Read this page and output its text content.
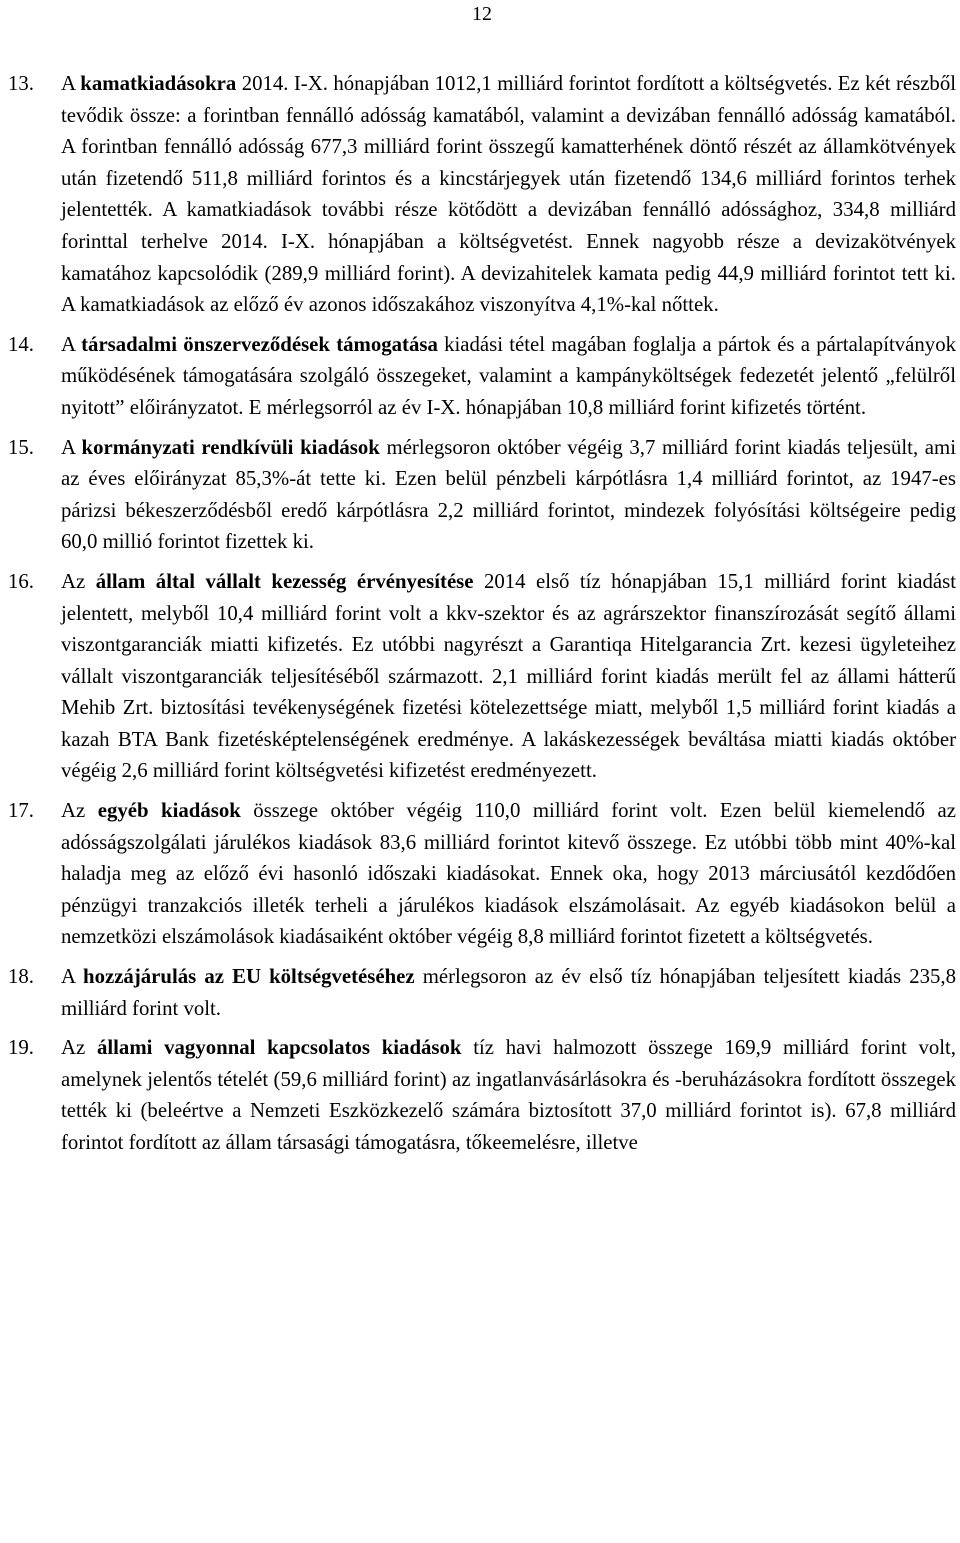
12
13.	A kamatkiadásokra 2014. I-X. hónapjában 1012,1 milliárd forintot fordított a költségvetés. Ez két részből tevődik össze: a forintban fennálló adósság kamatából, valamint a devizában fennálló adósság kamatából. A forintban fennálló adósság 677,3 milliárd forint összegű kamatterhének döntő részét az államkötvények után fizetendő 511,8 milliárd forintos és a kincstárjegyek után fizetendő 134,6 milliárd forintos terhek jelentették. A kamatkiadások további része kötődött a devizában fennálló adóssághoz, 334,8 milliárd forinttal terhelve 2014. I-X. hónapjában a költségvetést. Ennek nagyobb része a devizakötvények kamatához kapcsolódik (289,9 milliárd forint). A devizahitelek kamata pedig 44,9 milliárd forintot tett ki. A kamatkiadások az előző év azonos időszakához viszonyítva 4,1%-kal nőttek.
14.	A társadalmi önszerveződések támogatása kiadási tétel magában foglalja a pártok és a pártalapítványok működésének támogatására szolgáló összegeket, valamint a kampányköltségek fedezetét jelentő „felülről nyitott” előirányzatot. E mérlegsorról az év I-X. hónapjában 10,8 milliárd forint kifizetés történt.
15.	A kormányzati rendkívüli kiadások mérlegsoron október végéig 3,7 milliárd forint kiadás teljesült, ami az éves előirányzat 85,3%-át tette ki. Ezen belül pénzbeli kárpótlásra 1,4 milliárd forintot, az 1947-es párizsi békeszerződésből eredő kárpótlásra 2,2 milliárd forintot, mindezek folyósítási költségeire pedig 60,0 millió forintot fizettek ki.
16.	Az állam által vállalt kezesség érvényesítése 2014 első tíz hónapjában 15,1 milliárd forint kiadást jelentett, melyből 10,4 milliárd forint volt a kkv-szektor és az agrárszektor finanszírozását segítő állami viszontgaranciák miatti kifizetés. Ez utóbbi nagyrészt a Garantiqa Hitelgarancia Zrt. kezesi ügyleteihez vállalt viszontgaranciák teljesítéséből származott. 2,1 milliárd forint kiadás merült fel az állami hátterű Mehib Zrt. biztosítási tevékenységének fizetési kötelezettsége miatt, melyből 1,5 milliárd forint kiadás a kazah BTA Bank fizetésképtelenségének eredménye. A lakáskezességek beváltása miatti kiadás október végéig 2,6 milliárd forint költségvetési kifizetést eredményezett.
17.	Az egyéb kiadások összege október végéig 110,0 milliárd forint volt. Ezen belül kiemelendő az adósságszolgálati járulékos kiadások 83,6 milliárd forintot kitevő összege. Ez utóbbi több mint 40%-kal haladja meg az előző évi hasonló időszaki kiadásokat. Ennek oka, hogy 2013 márciusától kezdődően pénzügyi tranzakciós illeték terheli a járulékos kiadások elszámolásait. Az egyéb kiadásokon belül a nemzetközi elszámolások kiadásaiként október végéig 8,8 milliárd forintot fizetett a költségvetés.
18.	A hozzájárulás az EU költségvetéséhez mérlegsoron az év első tíz hónapjában teljesített kiadás 235,8 milliárd forint volt.
19.	Az állami vagyonnal kapcsolatos kiadások tíz havi halmozott összege 169,9 milliárd forint volt, amelynek jelentős tételét (59,6 milliárd forint) az ingatlanvásárlásokra és -beruházásokra fordított összegek tették ki (beleértve a Nemzeti Eszközkezelő számára biztosított 37,0 milliárd forintot is). 67,8 milliárd forintot fordított az állam társasági támogatásra, tőkeemelésre, illetve
